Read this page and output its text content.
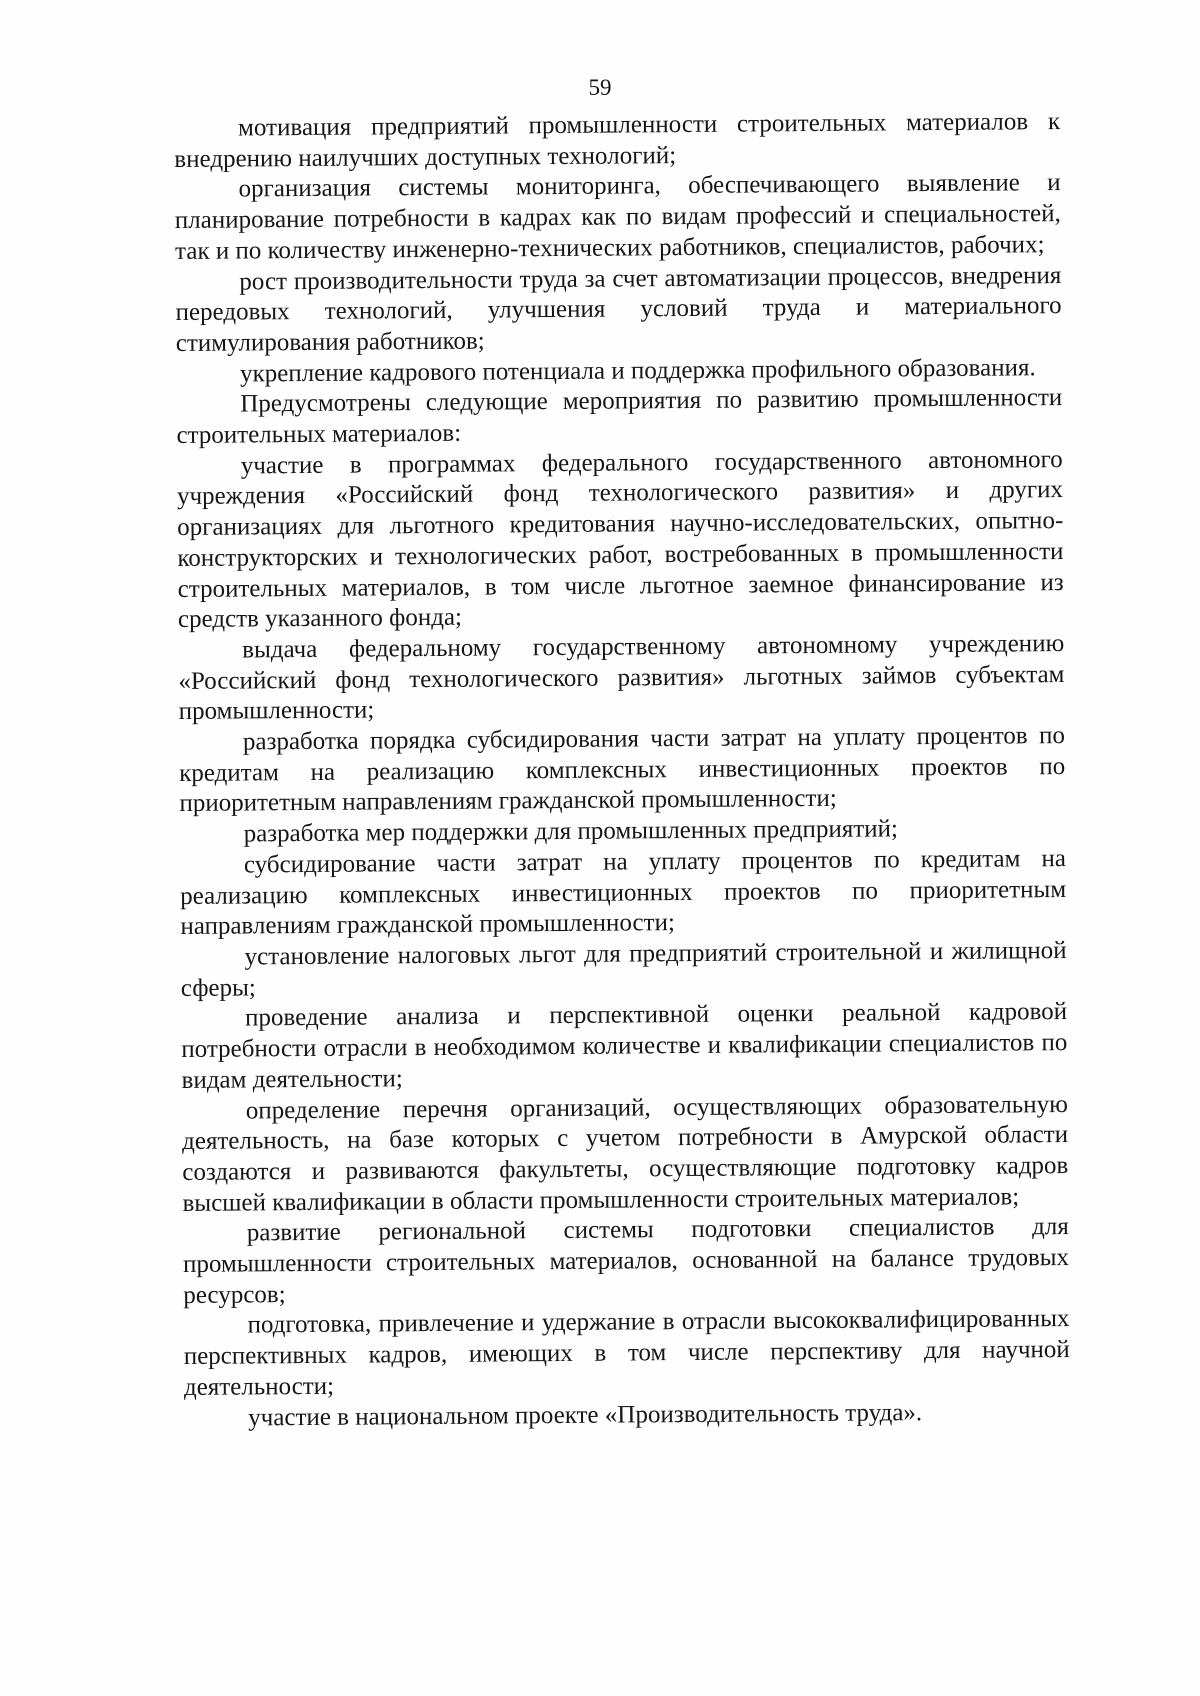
59

мотивация предприятий промышленности строительных материалов к внедрению наилучших доступных технологий;

организация системы мониторинга, обеспечивающего выявление и планирование потребности в кадрах как по видам профессий и специальностей, так и по количеству инженерно-технических работников, специалистов, рабочих;

рост производительности труда за счет автоматизации процессов, внедрения передовых технологий, улучшения условий труда и материального стимулирования работников;

укрепление кадрового потенциала и поддержка профильного образования.

Предусмотрены следующие мероприятия по развитию промышленности строительных материалов:

участие в программах федерального государственного автономного учреждения «Российский фонд технологического развития» и других организациях для льготного кредитования научно-исследовательских, опытно-конструкторских и технологических работ, востребованных в промышленности строительных материалов, в том числе льготное заемное финансирование из средств указанного фонда;

выдача федеральному государственному автономному учреждению «Российский фонд технологического развития» льготных займов субъектам промышленности;

разработка порядка субсидирования части затрат на уплату процентов по кредитам на реализацию комплексных инвестиционных проектов по приоритетным направлениям гражданской промышленности;

разработка мер поддержки для промышленных предприятий;

субсидирование части затрат на уплату процентов по кредитам на реализацию комплексных инвестиционных проектов по приоритетным направлениям гражданской промышленности;

установление налоговых льгот для предприятий строительной и жилищной сферы;

проведение анализа и перспективной оценки реальной кадровой потребности отрасли в необходимом количестве и квалификации специалистов по видам деятельности;

определение перечня организаций, осуществляющих образовательную деятельность, на базе которых с учетом потребности в Амурской области создаются и развиваются факультеты, осуществляющие подготовку кадров высшей квалификации в области промышленности строительных материалов;

развитие региональной системы подготовки специалистов для промышленности строительных материалов, основанной на балансе трудовых ресурсов;

подготовка, привлечение и удержание в отрасли высококвалифицированных перспективных кадров, имеющих в том числе перспективу для научной деятельности;

участие в национальном проекте «Производительность труда».
